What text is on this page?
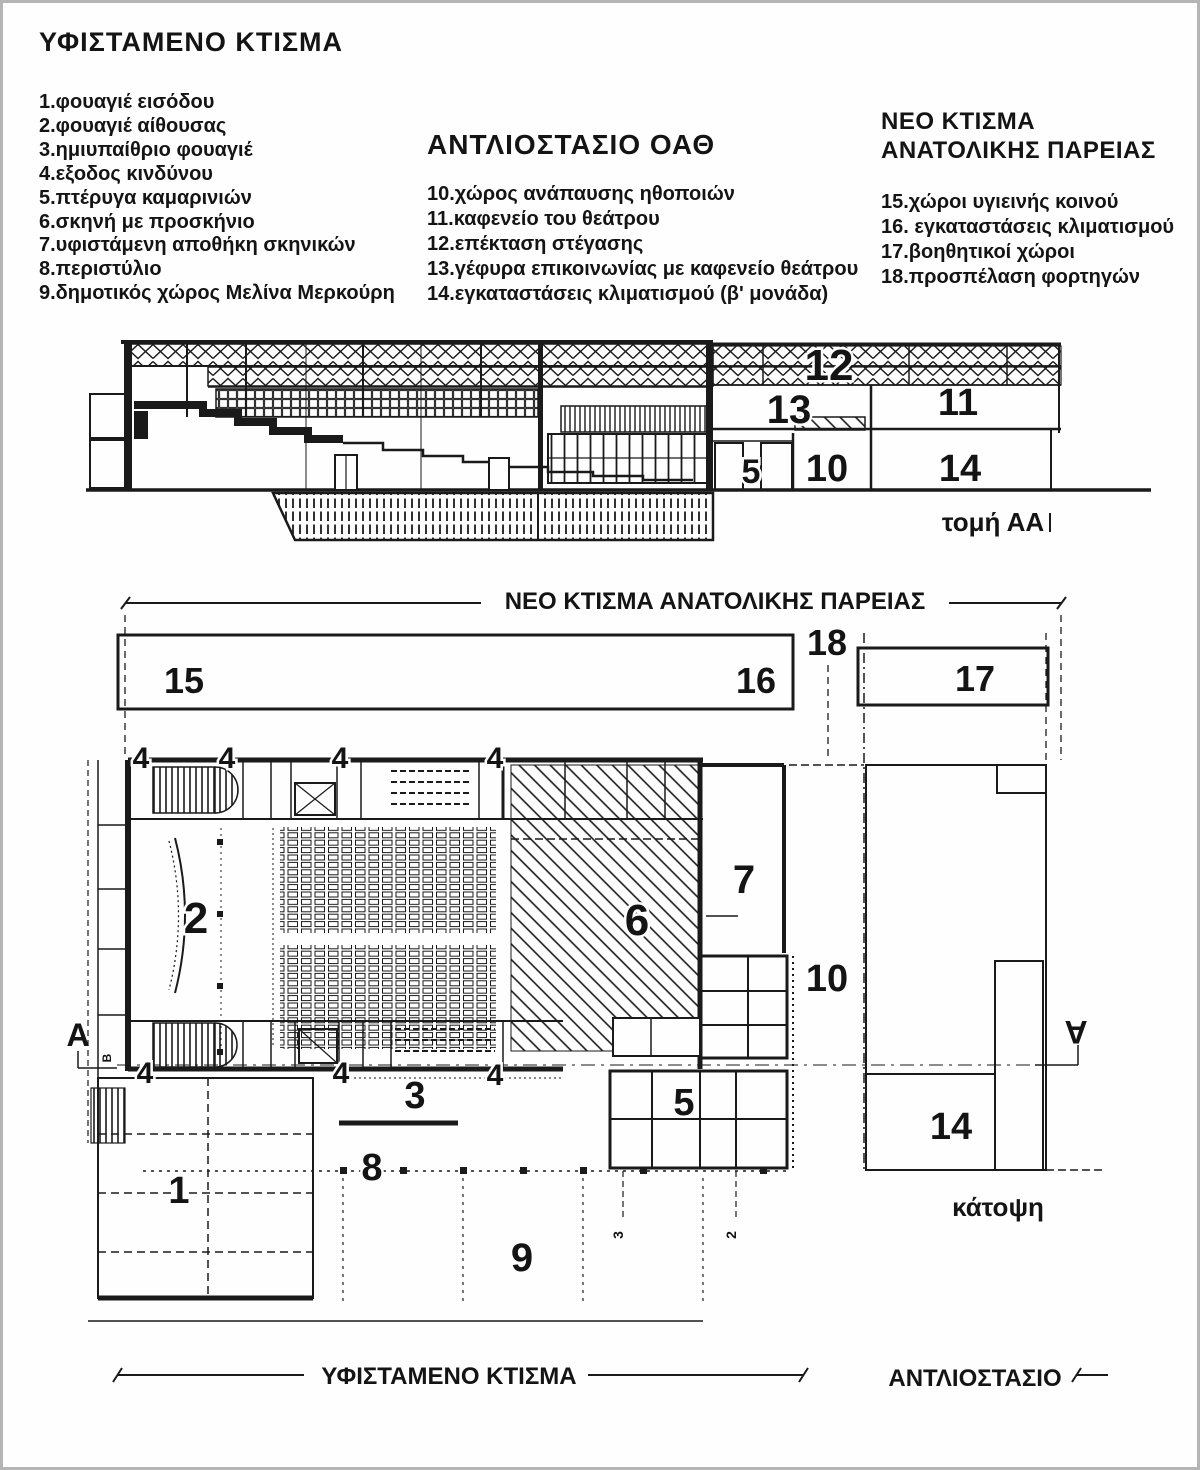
ΥΦΙΣΤΑΜΕΝΟ ΚΤΙΣΜΑ
1.φουαγιέ εισόδου
2.φουαγιέ αίθουσας
3.ημιυπαίθριο φουαγιέ
4.εξοδος κινδύνου
5.πτέρυγα καμαρινιών
6.σκηνή με προσκήνιο
7.υφιστάμενη αποθήκη σκηνικών
8.περιστύλιο
9.δημοτικός χώρος Μελίνα Μερκούρη
ΑΝΤΛΙΟΣΤΑΣΙΟ ΟΑΘ
10.χώρος ανάπαυσης ηθοποιών
11.καφενείο του θεάτρου
12.επέκταση στέγασης
13.γέφυρα επικοινωνίας με καφενείο θεάτρου
14.εγκαταστάσεις κλιματισμού (β' μονάδα)
ΝΕΟ ΚΤΙΣΜΑ
ΑΝΑΤΟΛΙΚΗΣ ΠΑΡΕΙΑΣ
15.χώροι υγιεινής κοινού
16. εγκαταστάσεις κλιματισμού
17.βοηθητικοί χώροι
18.προσπέλαση φορτηγών
12
13	11
5 10 14
τομή ΑΑ
ΝΕΟ ΚΤΙΣΜΑ ΑΝΑΤΟΛΙΚΗΣ ΠΑΡΕΙΑΣ
15	16	17
18
4 4	4	4
2	6
7
10
4	4	4
3	5
8
1
9
14
A	A
B
3	2
κάτοψη
ΥΦΙΣΤΑΜΕΝΟ ΚΤΙΣΜΑ	ΑΝΤΛΙΟΣΤΑΣΙΟ
